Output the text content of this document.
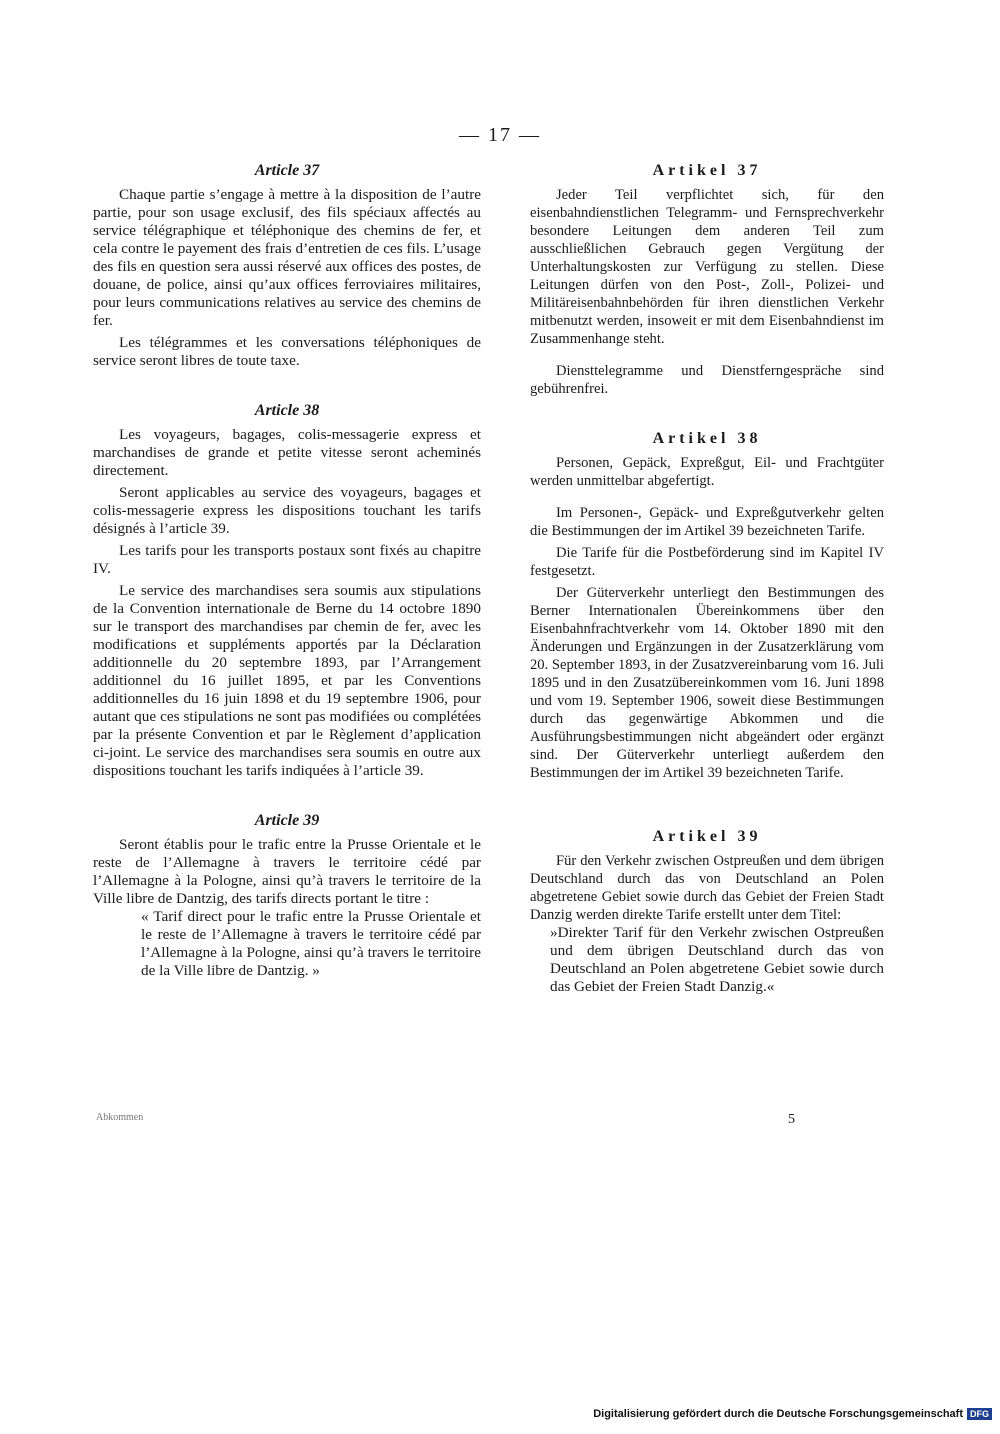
— 17 —
Article 37

Chaque partie s’engage à mettre à la disposition de l’autre partie, pour son usage exclusif, des fils spéciaux affectés au service télégraphique et téléphonique des chemins de fer, et cela contre le payement des frais d’entretien de ces fils. L’usage des fils en question sera aussi réservé aux offices des postes, de douane, de police, ainsi qu’aux offices ferroviaires militaires, pour leurs communications relatives au service des chemins de fer.

Les télégrammes et les conversations téléphoniques de service seront libres de toute taxe.

Article 38

Les voyageurs, bagages, colis-messagerie express et marchandises de grande et petite vitesse seront acheminés directement.

Seront applicables au service des voyageurs, bagages et colis-messagerie express les dispositions touchant les tarifs désignés à l’article 39.

Les tarifs pour les transports postaux sont fixés au chapitre IV.

Le service des marchandises sera soumis aux stipulations de la Convention internationale de Berne du 14 octobre 1890 sur le transport des marchandises par chemin de fer, avec les modifications et suppléments apportés par la Déclaration additionnelle du 20 septembre 1893, par l’Arrangement additionnel du 16 juillet 1895, et par les Conventions additionnelles du 16 juin 1898 et du 19 septembre 1906, pour autant que ces stipulations ne sont pas modifiées ou complétées par la présente Convention et par le Règlement d’application ci-joint. Le service des marchandises sera soumis en outre aux dispositions touchant les tarifs indiquées à l’article 39.

Article 39

Seront établis pour le trafic entre la Prusse Orientale et le reste de l’Allemagne à travers le territoire cédé par l’Allemagne à la Pologne, ainsi qu’à travers le territoire de la Ville libre de Dantzig, des tarifs directs portant le titre :

« Tarif direct pour le trafic entre la Prusse Orientale et le reste de l’Allemagne à travers le territoire cédé par l’Allemagne à la Pologne, ainsi qu’à travers le territoire de la Ville libre de Dantzig. »

Artikel 37

Jeder Teil verpflichtet sich, für den eisenbahndienstlichen Telegramm- und Fernsprechverkehr besondere Leitungen dem anderen Teil zum ausschließlichen Gebrauch gegen Vergütung der Unterhaltungskosten zur Verfügung zu stellen. Diese Leitungen dürfen von den Post-, Zoll-, Polizei- und Militäreisenbahnbehörden für ihren dienstlichen Verkehr mitbenutzt werden, insoweit er mit dem Eisenbahndienst im Zusammenhange steht.

Diensttelegramme und Dienstferngespräche sind gebührenfrei.

Artikel 38

Personen, Gepäck, Expreßgut, Eil- und Frachtgüter werden unmittelbar abgefertigt.

Im Personen-, Gepäck- und Expreßgutverkehr gelten die Bestimmungen der im Artikel 39 bezeichneten Tarife.

Die Tarife für die Postbeförderung sind im Kapitel IV festgesetzt.

Der Güterverkehr unterliegt den Bestimmungen des Berner Internationalen Übereinkommens über den Eisenbahnfrachtverkehr vom 14. Oktober 1890 mit den Änderungen und Ergänzungen in der Zusatzerklärung vom 20. September 1893, in der Zusatzvereinbarung vom 16. Juli 1895 und in den Zusatzübereinkommen vom 16. Juni 1898 und vom 19. September 1906, soweit diese Bestimmungen durch das gegenwärtige Abkommen und die Ausführungsbestimmungen nicht abgeändert oder ergänzt sind. Der Güterverkehr unterliegt außerdem den Bestimmungen der im Artikel 39 bezeichneten Tarife.

Artikel 39

Für den Verkehr zwischen Ostpreußen und dem übrigen Deutschland durch das von Deutschland an Polen abgetretene Gebiet sowie durch das Gebiet der Freien Stadt Danzig werden direkte Tarife erstellt unter dem Titel:

»Direkter Tarif für den Verkehr zwischen Ostpreußen und dem übrigen Deutschland durch das von Deutschland an Polen abgetretene Gebiet sowie durch das Gebiet der Freien Stadt Danzig.«

Abkommen	5
Digitalisierung gefördert durch die Deutsche Forschungsgemeinschaft DFG
